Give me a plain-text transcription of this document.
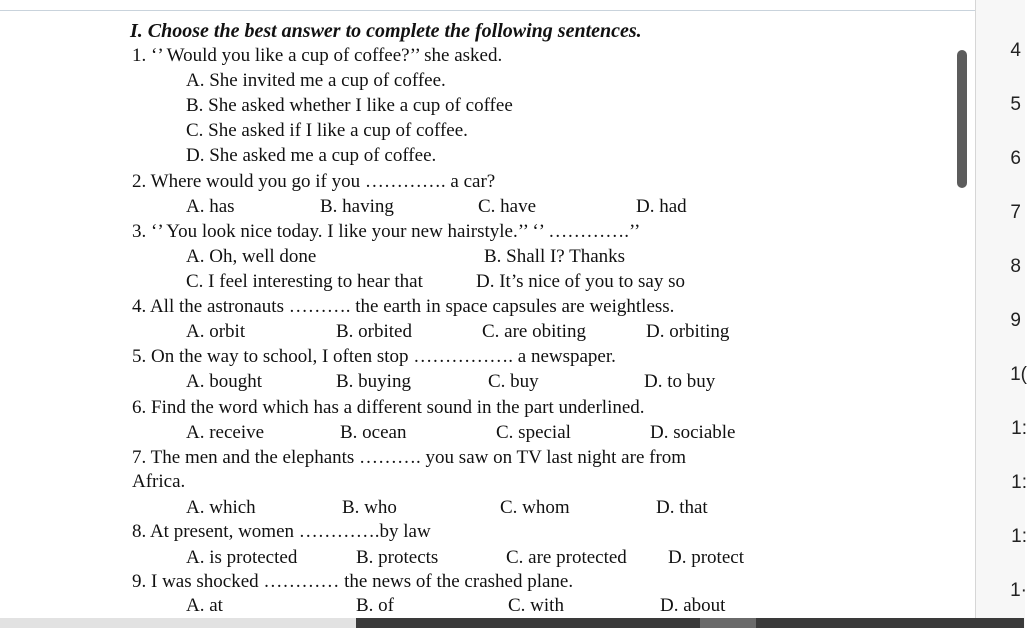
I. Choose the best answer to complete the following sentences.
1. ‘’ Would you like a cup of coffee?’’ she asked.
A. She invited me a cup of coffee.
B. She asked whether I like a cup of coffee
C. She asked if I like a cup of coffee.
D. She asked me a cup of coffee.
2. Where would you go if you …………. a car?
A. has	B. having	C. have	D. had
3. ‘’ You look nice today. I like your new hairstyle.’’ ‘’ ………….’’
A. Oh, well done	B. Shall I? Thanks
C. I feel interesting to hear that	D. It’s nice of you to say so
4. All the astronauts ………. the earth in space capsules are weightless.
A. orbit	B. orbited	C. are obiting	D. orbiting
5. On the way to school, I often stop ……………. a newspaper.
A. bought	B. buying	C. buy	D. to buy
6. Find the word which has a different sound in the part underlined.
A. receive	B. ocean	C. special	D. sociable
7. The men and the elephants ………. you saw on TV last night are from
Africa.
A. which	B. who	C. whom	D. that
8. At present, women ………….by law
A. is protected	B. protects	C. are protected D. protect
9. I was shocked ………… the news of the crashed plane.
A. at	B. of	C. with	D. about
4
5
6
7
8
9
1(
1:
1:
1:
1·
